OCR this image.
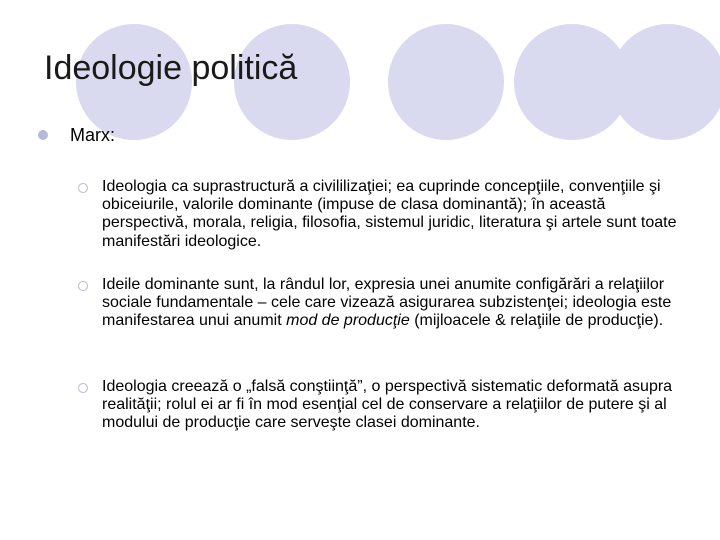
Ideologie politică
Marx:
Ideologia ca suprastructură a civililizaţiei; ea cuprinde concepţiile, convenţiile şi obiceiurile, valorile dominante (impuse de clasa dominantă); în această perspectivă, morala, religia, filosofia, sistemul juridic, literatura şi artele sunt toate manifestări ideologice.
Ideile dominante sunt, la rândul lor, expresia unei anumite configărări a relaţiilor sociale fundamentale – cele care vizează asigurarea subzistenţei; ideologia este manifestarea unui anumit mod de producţie (mijloacele & relaţiile de producţie).
Ideologia creează o „falsă conştiinţă”, o perspectivă sistematic deformată asupra realităţii; rolul ei ar fi în mod esenţial cel de conservare a relaţiilor de putere şi al modului de producţie care serveşte clasei dominante.
